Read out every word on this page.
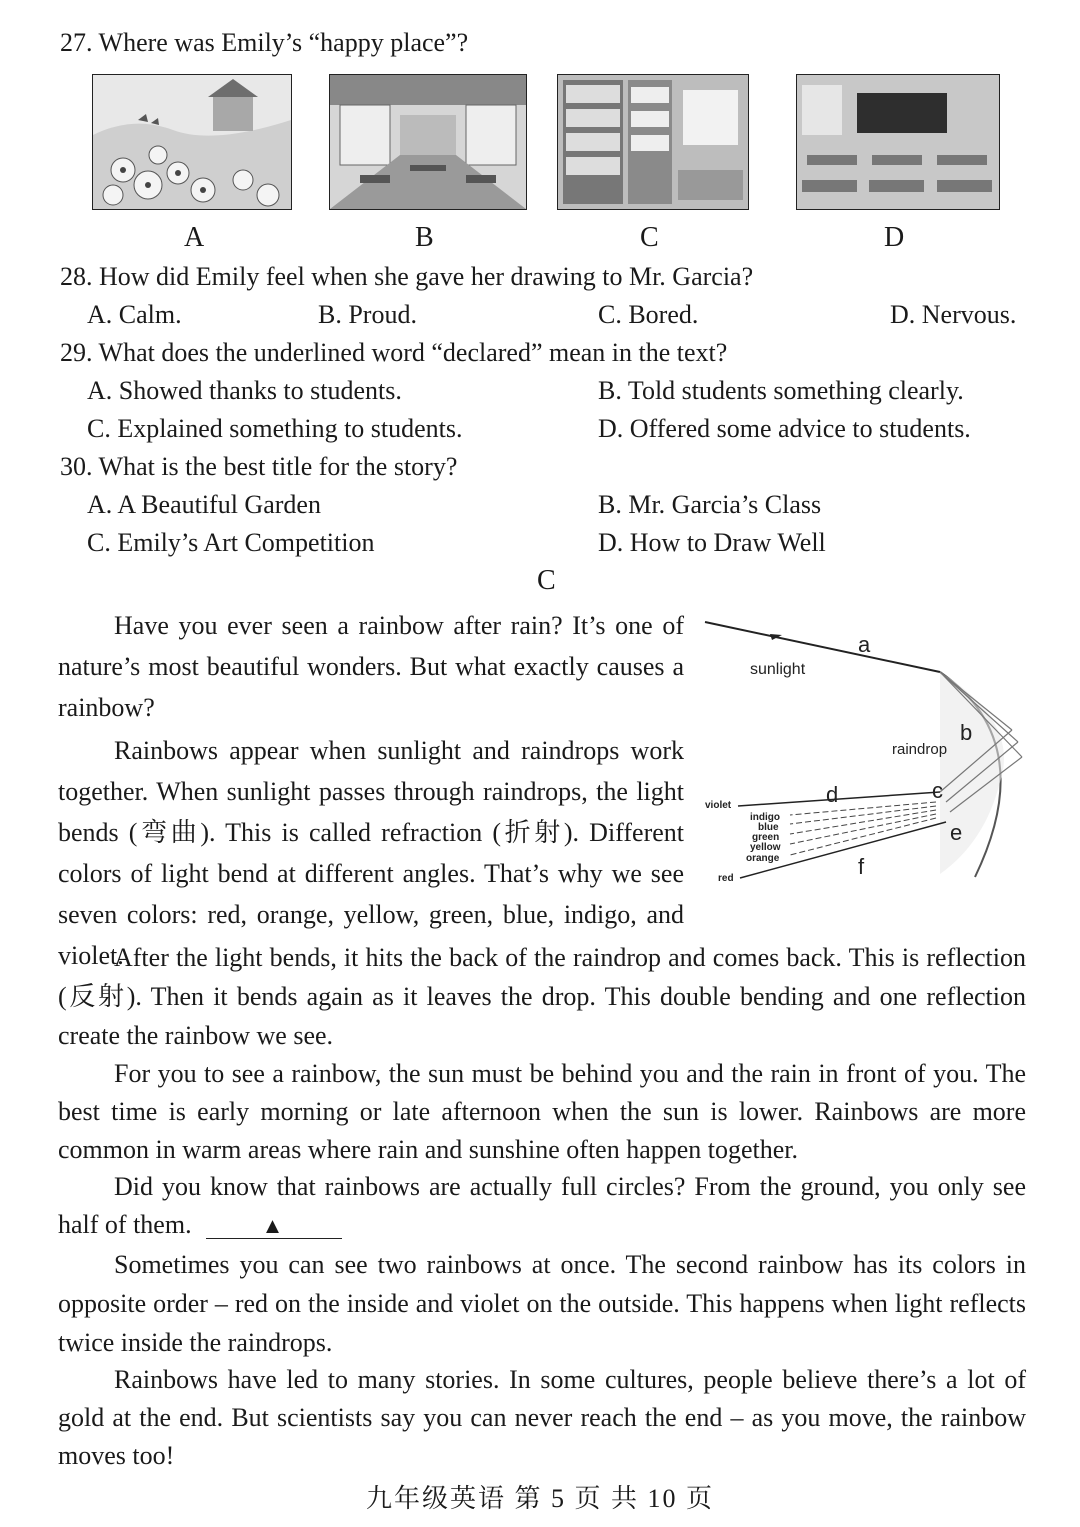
27. Where was Emily’s “happy place”?
A	B	C	D
28. How did Emily feel when she gave her drawing to Mr. Garcia?
A. Calm.	B. Proud.	C. Bored.	D. Nervous.
29. What does the underlined word “declared” mean in the text?
A. Showed thanks to students.	B. Told students something clearly.
C. Explained something to students.	D. Offered some advice to students.
30. What is the best title for the story?
A. A Beautiful Garden	B. Mr. Garcia’s Class
C. Emily’s Art Competition	D. How to Draw Well
C
Have you ever seen a rainbow after rain? It’s one of nature’s most beautiful wonders. But what exactly causes a rainbow?
Rainbows appear when sunlight and raindrops work together. When sunlight passes through raindrops, the light bends (弯曲). This is called refraction (折射). Different colors of light bend at different angles. That’s why we see seven colors: red, orange, yellow, green, blue, indigo, and violet.
sunlight
raindrop
a
b
c
d
e
f
violet
indigo
blue
green
yellow
orange
red
After the light bends, it hits the back of the raindrop and comes back. This is reflection (反射). Then it bends again as it leaves the drop. This double bending and one reflection create the rainbow we see.
For you to see a rainbow, the sun must be behind you and the rain in front of you. The best time is early morning or late afternoon when the sun is lower. Rainbows are more common in warm areas where rain and sunshine often happen together.
Did you know that rainbows are actually full circles? From the ground, you only see half of them.	▲
Sometimes you can see two rainbows at once. The second rainbow has its colors in opposite order – red on the inside and violet on the outside. This happens when light reflects twice inside the raindrops.
Rainbows have led to many stories. In some cultures, people believe there’s a lot of gold at the end. But scientists say you can never reach the end – as you move, the rainbow moves too!
九年级英语 第 5 页 共 10 页
